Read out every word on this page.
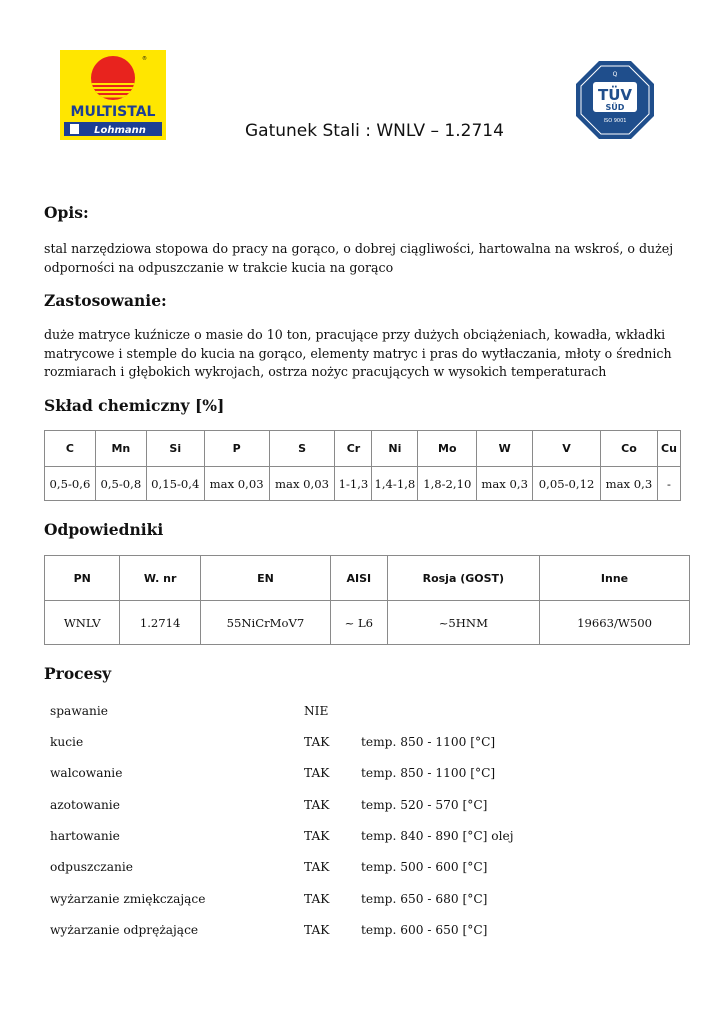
®
MULTISTAL
Lohmann
Q
TÜV
SÜD
ISO 9001
Gatunek Stali : WNLV – 1.2714
Opis:
stal narzędziowa stopowa do pracy na gorąco, o dobrej ciągliwości, hartowalna na wskroś, o dużej odporności na odpuszczanie w trakcie kucia na gorąco
Zastosowanie:
duże matryce kuźnicze o masie do 10 ton, pracujące przy dużych obciążeniach, kowadła, wkładki matrycowe i stemple do kucia na gorąco, elementy matryc i pras do wytłaczania, młoty o średnich rozmiarach i głębokich wykrojach, ostrza nożyc pracujących w wysokich temperaturach
Skład chemiczny [%]
C	Mn	Si	P	S	Cr	Ni	Mo	W	V	Co	Cu
0,5-0,6	0,5-0,8	0,15-0,4	max 0,03	max 0,03	1-1,3	1,4-1,8	1,8-2,10	max 0,3	0,05-0,12	max 0,3	-
Odpowiedniki
PN	W. nr	EN	AISI	Rosja (GOST)	Inne
WNLV	1.2714	55NiCrMoV7	~ L6	~5HNM	19663/W500
Procesy
spawanie	NIE
kucie	TAK	temp. 850 - 1100 [°C]
walcowanie	TAK	temp. 850 - 1100 [°C]
azotowanie	TAK	temp. 520 - 570 [°C]
hartowanie	TAK	temp. 840 - 890 [°C] olej
odpuszczanie	TAK	temp. 500 - 600 [°C]
wyżarzanie zmiękczające	TAK	temp. 650 - 680 [°C]
wyżarzanie odprężające	TAK	temp. 600 - 650 [°C]
